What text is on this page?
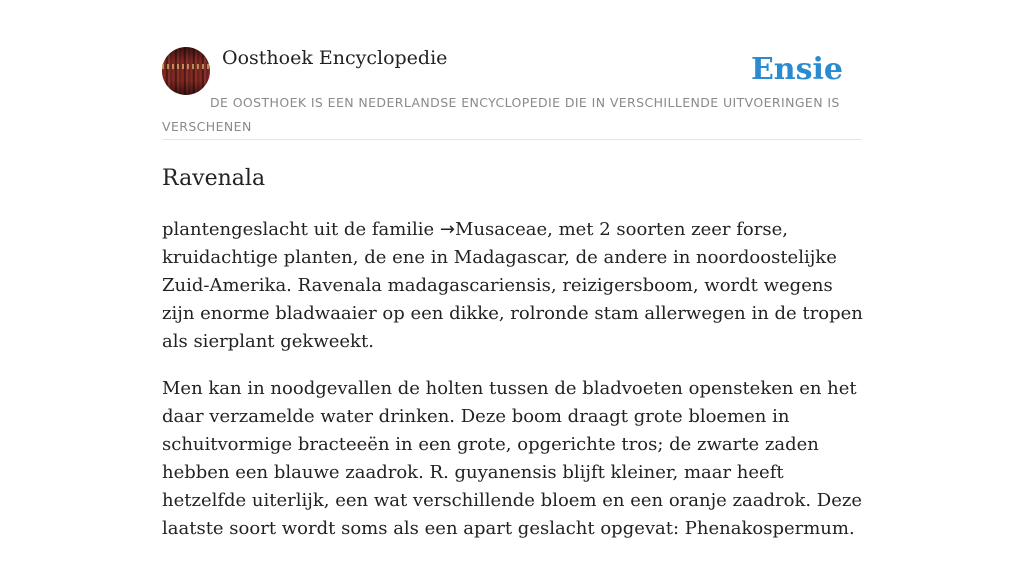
Oosthoek Encyclopedie	Ensie
DE OOSTHOEK IS EEN NEDERLANDSE ENCYCLOPEDIE DIE IN VERSCHILLENDE UITVOERINGEN IS VERSCHENEN
Ravenala

plantengeslacht uit de familie →Musaceae, met 2 soorten zeer forse, kruidachtige planten, de ene in Madagascar, de andere in noordoostelijke Zuid-Amerika. Ravenala madagascariensis, reizigersboom, wordt wegens zijn enorme bladwaaier op een dikke, rolronde stam allerwegen in de tropen als sierplant gekweekt.

Men kan in noodgevallen de holten tussen de bladvoeten opensteken en het daar verzamelde water drinken. Deze boom draagt grote bloemen in schuitvormige bracteeën in een grote, opgerichte tros; de zwarte zaden hebben een blauwe zaadrok. R. guyanensis blijft kleiner, maar heeft hetzelfde uiterlijk, een wat verschillende bloem en een oranje zaadrok. Deze laatste soort wordt soms als een apart geslacht opgevat: Phenakospermum.
